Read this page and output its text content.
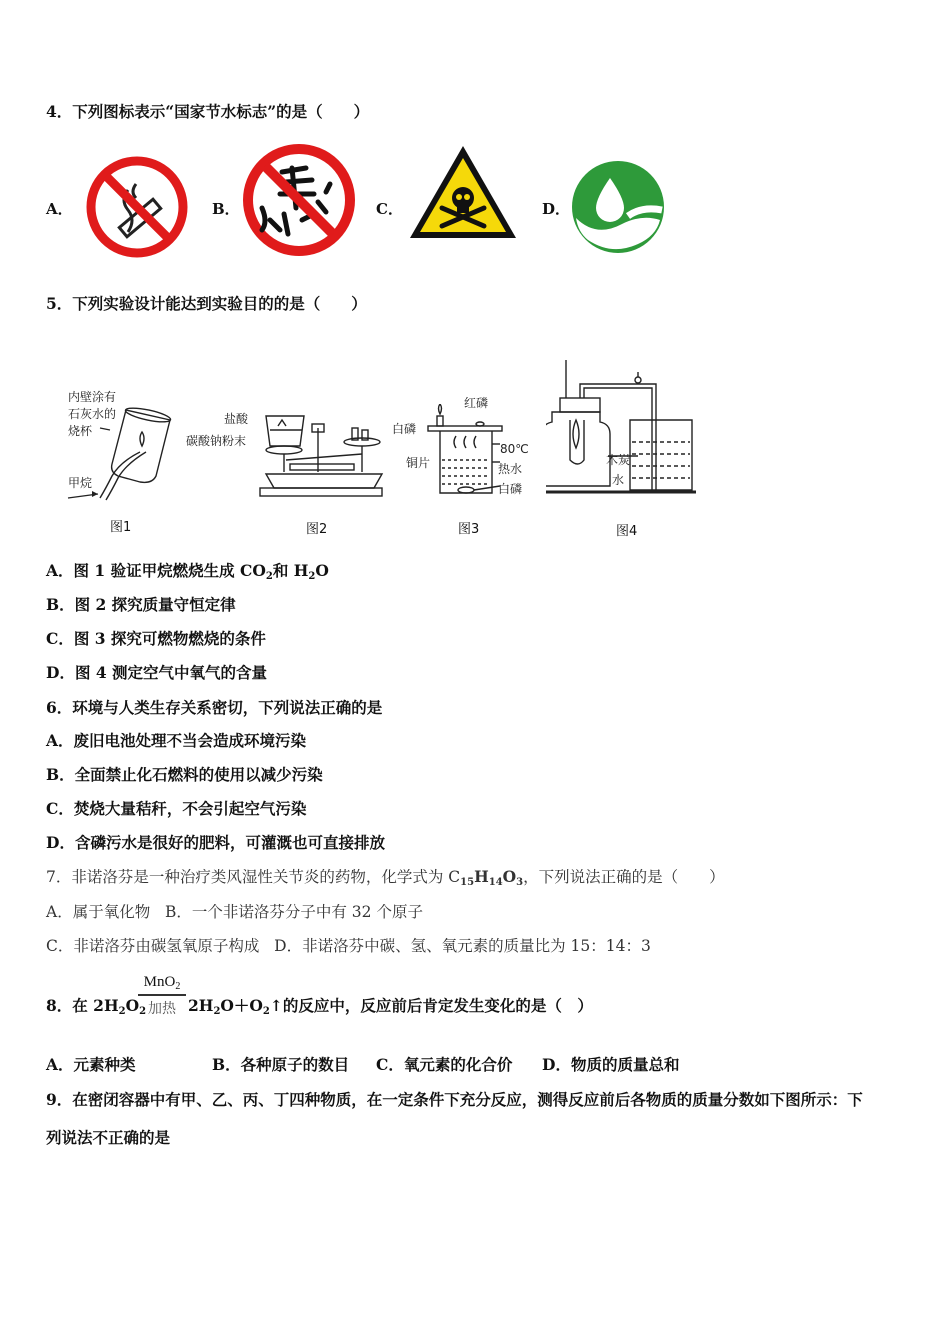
4．下列图标表示“国家节水标志”的是（　　）
A．	B．	C．	D．
5．下列实验设计能达到实验目的的是（　　）
内壁涂有
石灰水的
烧杯
甲烷
图1
盐酸
碳酸钠粉末
图2
红磷
白磷
铜片
80℃
热水
白磷
图3
木炭
水
图4
A．图 1 验证甲烷燃烧生成 $CO_2$和 $H_2O$
B．图 2 探究质量守恒定律
C．图 3 探究可燃物燃烧的条件
D．图 4 测定空气中氧气的含量
6．环境与人类生存关系密切，下列说法正确的是
A．废旧电池处理不当会造成环境污染
B．全面禁止化石燃料的使用以减少污染
C．焚烧大量秸秆，不会引起空气污染
D．含磷污水是很好的肥料，可灌溉也可直接排放
7．非诺洛芬是一种治疗类风湿性关节炎的药物，化学式为 $C_{15}H_{14}O_3$，下列说法正确的是（　　）
A．属于氧化物 B．一个非诺洛芬分子中有 32 个原子
C．非诺洛芬由碳氢氧原子构成 D．非诺洛芬中碳、氢、氧元素的质量比为 15：14：3
8．在 $2H_2O_2$
MnO$_2$
加热 $2H_2O+O_2↑$的反应中，反应前后肯定发生变化的是（　）
A．元素种类	B．各种原子的数目 C．氧元素的化合价 D．物质的质量总和
9．在密闭容器中有甲、乙、丙、丁四种物质，在一定条件下充分反应，测得反应前后各物质的质量分数如下图所示：下
列说法不正确的是
